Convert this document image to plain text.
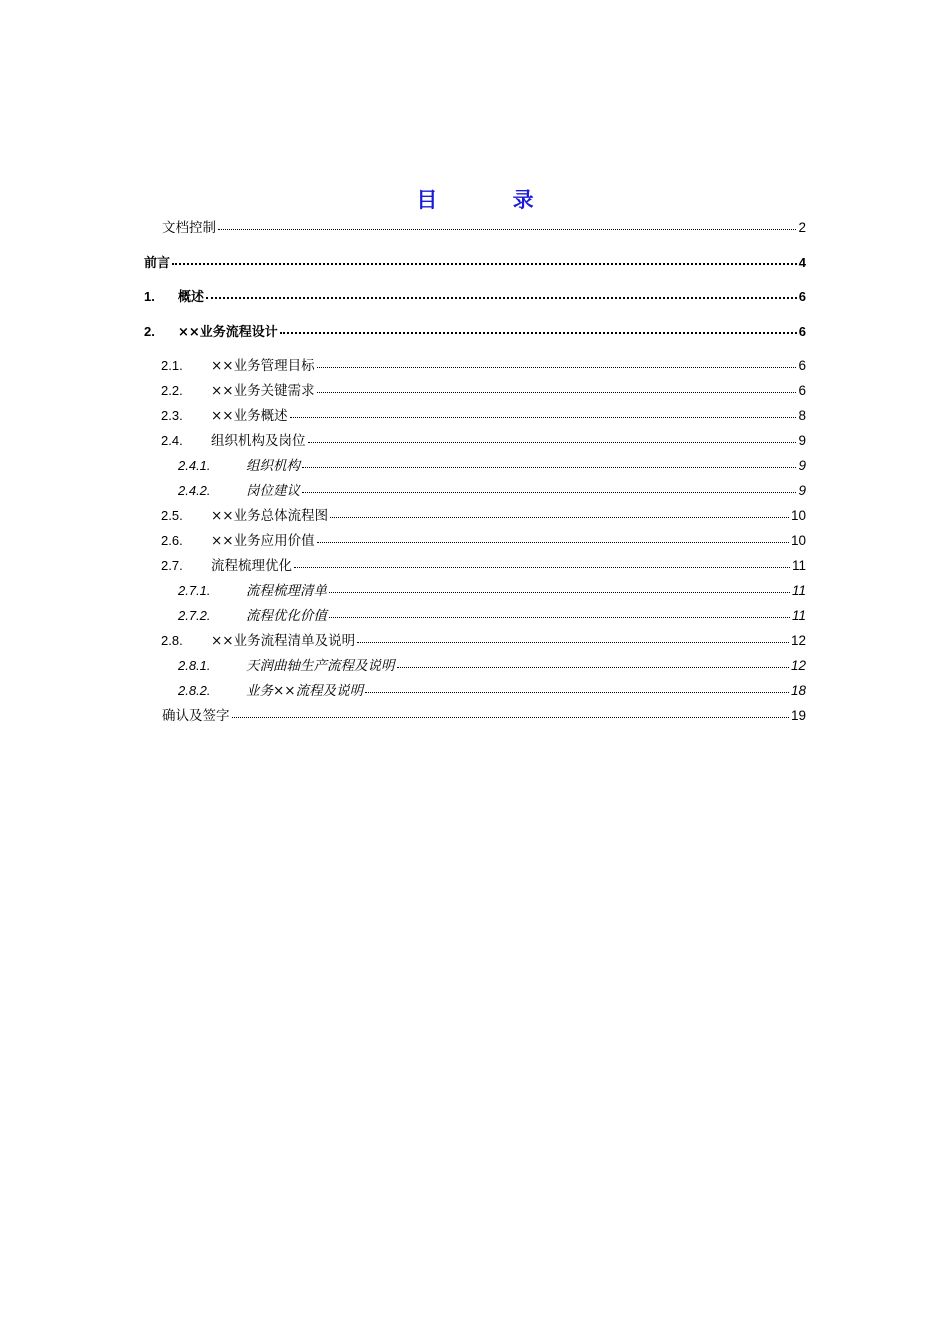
目 录
文档控制	2
前言	4
1.	概述	6
2.	××业务流程设计	6
2.1.	××业务管理目标	6
2.2.	××业务关键需求	6
2.3.	××业务概述	8
2.4.	组织机构及岗位	9
2.4.1.	组织机构	9
2.4.2.	岗位建议	9
2.5.	××业务总体流程图	10
2.6.	××业务应用价值	10
2.7.	流程梳理优化	11
2.7.1.	流程梳理清单	11
2.7.2.	流程优化价值	11
2.8.	××业务流程清单及说明	12
2.8.1.	天润曲轴生产流程及说明	12
2.8.2.	业务××流程及说明	18
确认及签字	19
